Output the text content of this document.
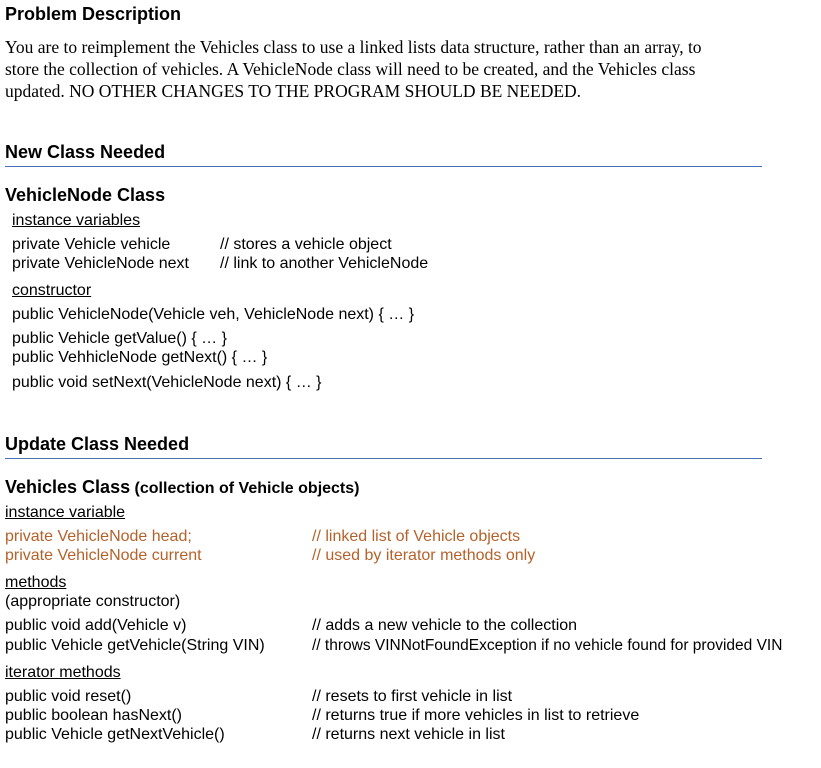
Problem Description
You are to reimplement the Vehicles class to use a linked lists data structure, rather than an array, to
store the collection of vehicles. A VehicleNode class will need to be created, and the Vehicles class
updated. NO OTHER CHANGES TO THE PROGRAM SHOULD BE NEEDED.
New Class Needed
VehicleNode Class
instance variables
private Vehicle vehicle	// stores a vehicle object
private VehicleNode next // link to another VehicleNode
constructor
public VehicleNode(Vehicle veh, VehicleNode next) { … }
public Vehicle getValue() { … }
public VehhicleNode getNext() { … }
public void setNext(VehicleNode next) { … }
Update Class Needed
Vehicles Class (collection of Vehicle objects)
instance variable
private VehicleNode head;	// linked list of Vehicle objects
private VehicleNode current	// used by iterator methods only
methods
(appropriate constructor)
public void add(Vehicle v)	// adds a new vehicle to the collection
public Vehicle getVehicle(String VIN)	// throws VINNotFoundException if no vehicle found for provided VIN
iterator methods
public void reset()	// resets to first vehicle in list
public boolean hasNext()	// returns true if more vehicles in list to retrieve
public Vehicle getNextVehicle()	// returns next vehicle in list
